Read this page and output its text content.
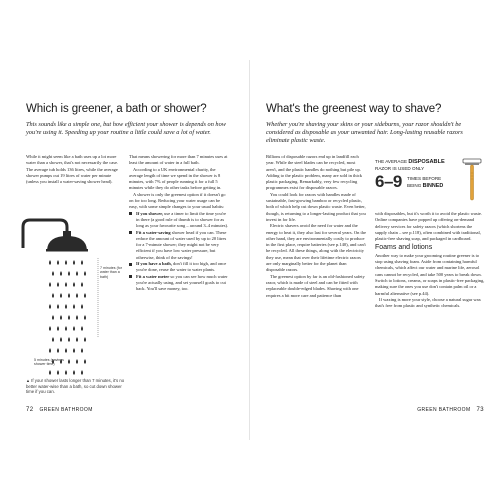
Which is greener, a bath or shower?

This sounds like a simple one, but how efficient your shower is depends on how you're using it. Speeding up your routine a little could save a lot of water.

While it might seem like a bath uses up a lot more water than a shower, that's not necessarily the case. The average tub holds 136 litres, while the average shower pumps out 19 litres of water per minute (unless you install a water-saving shower head).

That means showering for more than 7 minutes uses at least the amount of water in a full bath.

According to a UK environmental charity, the average length of time we spend in the shower is 8 minutes, with 7% of people running it for a full 5 minutes while they do other tasks before getting in.

A shower is only the greenest option if it doesn't go on for too long. Reducing your water usage can be easy, with some simple changes to your usual habits:

If you shower, use a timer to limit the time you're in there (a good rule of thumb is to shower for as long as your favourite song – around 3–4 minutes).
Fit a water-saving shower head if you can. These reduce the amount of water used by up to 20 litres for a 7-minute shower; they might not be very efficient if you have low water pressure, but otherwise, think of the savings!
If you have a bath, don't fill it too high, and once you're done, reuse the water to water plants.
Fit a water meter so you can see how much water you're actually using, and set yourself goals to cut back. You'll save money, too.
7 minutes (for water than a bath)
5 minutes (savings shower time)
▲ If your shower lasts longer than 7 minutes, it's no better water-wise than a bath, so cut down shower time if you can.
72 GREEN BATHROOM
What's the greenest way to shave?

Whether you're shaving your skins or your sideburns, your razor shouldn't be considered as disposable as your unwanted hair. Long-lasting reusable razors eliminate plastic waste.

Billions of disposable razors end up in landfill each year. While the steel blades can be recycled, most aren't, and the plastic handles do nothing but pile up. Adding to the plastic problem, many are sold in thick plastic packaging. Remarkably, very few recycling programmes exist for disposable razors.

You could look for razors with handles made of sustainable, fast-growing bamboo or recycled plastic, both of which help cut down plastic waste. Even better, though, is returning to a longer-lasting product that you invest in for life.

Electric shavers avoid the need for water and the energy to heat it, they also last for several years. On the other hand, they are environmentally costly to produce in the first place, require batteries (see p.140), and can't be recycled. All these things, along with the electricity they use, mean that over their lifetime electric razors are only marginally better for the planet than disposable razors.

The greenest option by far is an old-fashioned safety razor, which is made of steel and can be fitted with replaceable double-edged blades. Shaving with one requires a bit more care and patience than

THE AVERAGE DISPOSABLE
RAZOR IS USED ONLY
6–9 TIMES BEFORE
BEING BINNED

with disposables, but it's worth it to avoid the plastic waste. Online companies have popped up offering on-demand delivery services for safety razors (which shortens the supply chain – see p.118), often combined with traditional, plastic-free shaving soap, and packaged in cardboard.

Foams and lotions

Another way to make your grooming routine greener is to stop using shaving foam. Aside from containing harmful chemicals, which affect our water and marine life, aerosol cans cannot be recycled, and take 500 years to break down. Switch to lotions, creams, or soaps in plastic-free packaging, making sure the ones you use don't contain palm oil or a harmful alternative (see p.44).

If waxing is more your style, choose a natural sugar wax that's free from plastic and synthetic chemicals.

GREEN BATHROOM 73
